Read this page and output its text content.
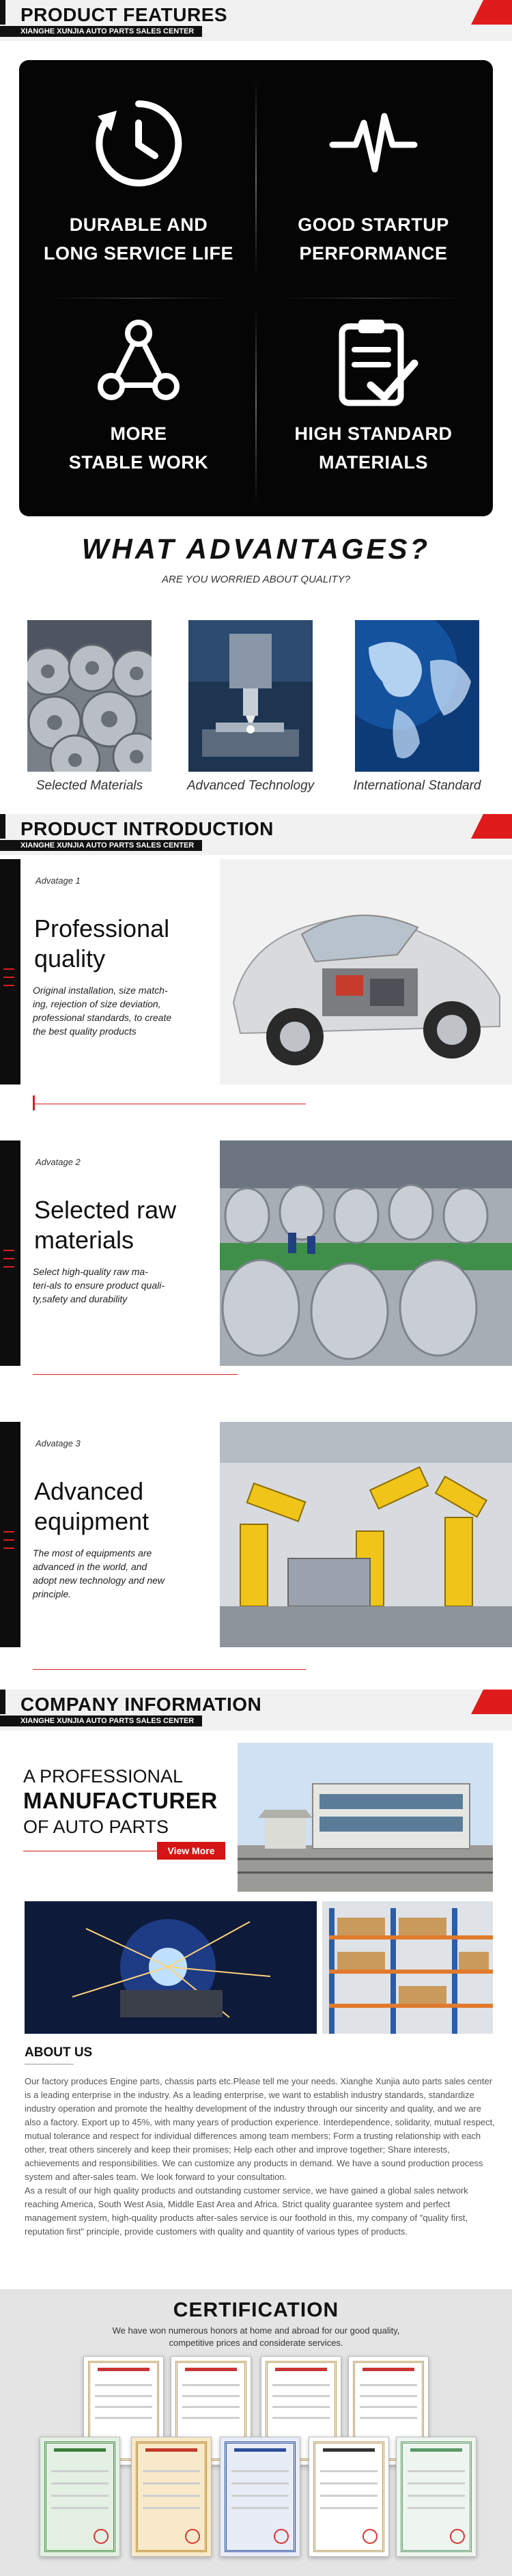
PRODUCT FEATURES
XIANGHE XUNJIA AUTO PARTS SALES CENTER
DURABLE AND
LONG SERVICE LIFE
GOOD STARTUP
PERFORMANCE
MORE
STABLE WORK
HIGH STANDARD
MATERIALS
WHAT ADVANTAGES?
ARE YOU WORRIED ABOUT QUALITY?
Selected Materials	Advanced Technology	International Standard
PRODUCT INTRODUCTION
XIANGHE XUNJIA AUTO PARTS SALES CENTER
Advatage 1
Professional
quality
Original installation, size match-
ing, rejection of size deviation,
professional standards, to create
the best quality products
Advatage 2
Selected raw
materials
Select high-quality raw ma-
teri-als to ensure product quali-
ty,safety and durability
Advatage 3
Advanced
equipment
The most of equipments are
advanced in the world, and
adopt new technology and new
principle.
COMPANY INFORMATION
XIANGHE XUNJIA AUTO PARTS SALES CENTER
A PROFESSIONAL
MANUFACTURER
OF AUTO PARTS
View More
ABOUT US

Our factory produces Engine parts, chassis parts etc.Please tell me your needs. Xianghe Xunjia auto parts sales center is a leading enterprise in the industry. As a leading enterprise, we want to establish industry standards, standardize industry operation and promote the healthy development of the industry through our sincerity and quality, and we are also a factory. Export up to 45%, with many years of production experience. Interdependence, solidarity, mutual respect, mutual tolerance and respect for individual differences among team members; Form a trusting relationship with each other, treat others sincerely and keep their promises; Help each other and improve together; Share interests, achievements and responsibilities. We can customize any products in demand. We have a sound production process system and after-sales team. We look forward to your consultation.

As a result of our high quality products and outstanding customer service, we have gained a global sales network reaching America, South West Asia, Middle East Area and Africa. Strict quality guarantee system and perfect management system, high-quality products after-sales service is our foothold in this, my company of "quality first, reputation first" principle, provide customers with quality and quantity of various types of products.

CERTIFICATION
We have won numerous honors at home and abroad for our good quality,
competitive prices and considerate services.
